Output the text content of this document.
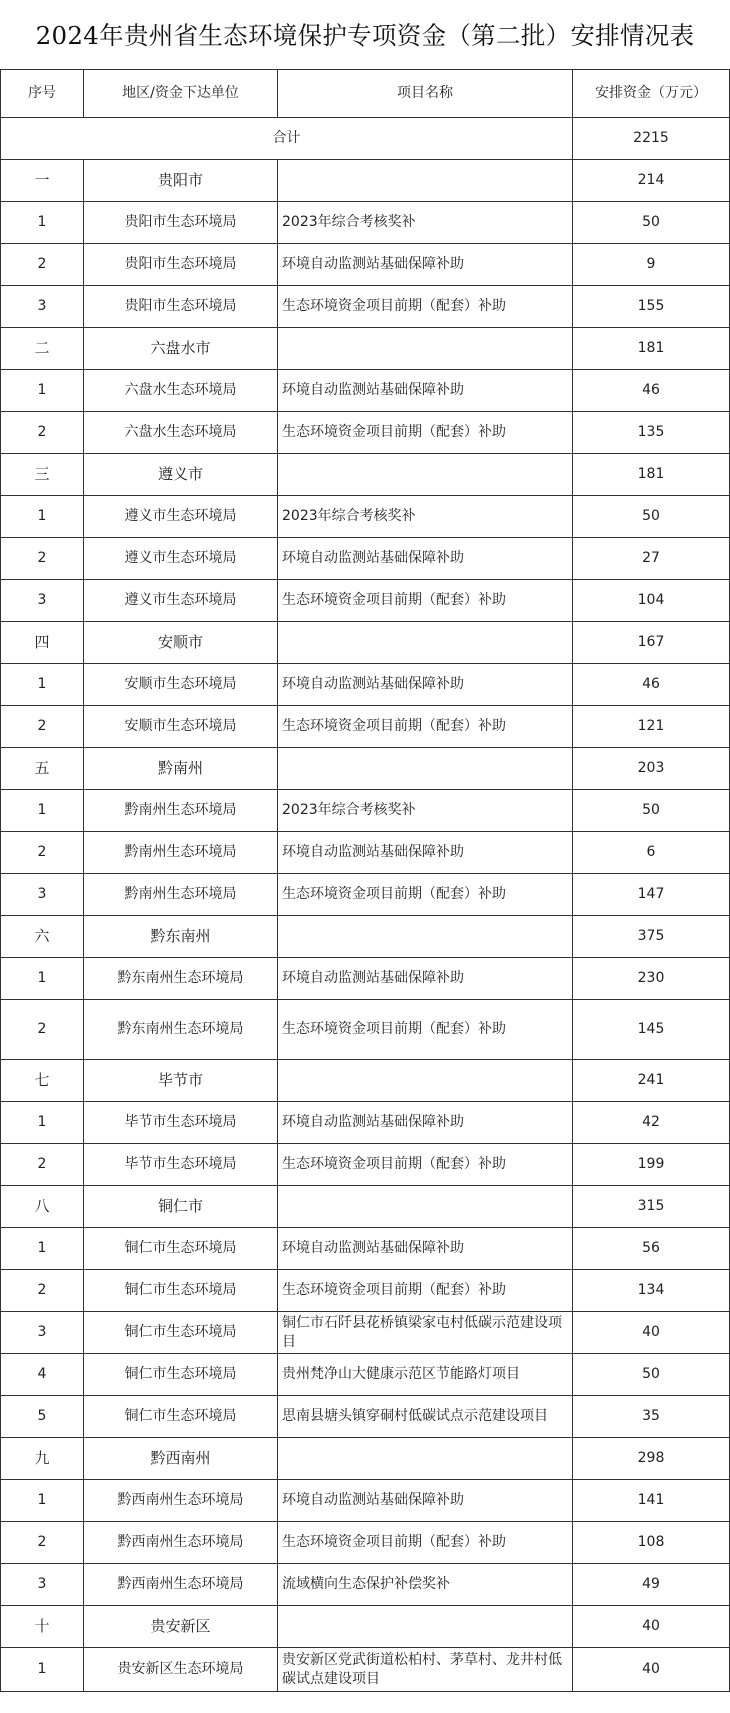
2024年贵州省生态环境保护专项资金（第二批）安排情况表
序号	地区/资金下达单位	项目名称	安排资金（万元）
合计			2215
一	贵阳市		214
1	贵阳市生态环境局	2023年综合考核奖补	50
2	贵阳市生态环境局	环境自动监测站基础保障补助	9
3	贵阳市生态环境局	生态环境资金项目前期（配套）补助	155
二	六盘水市		181
1	六盘水生态环境局	环境自动监测站基础保障补助	46
2	六盘水生态环境局	生态环境资金项目前期（配套）补助	135
三	遵义市		181
1	遵义市生态环境局	2023年综合考核奖补	50
2	遵义市生态环境局	环境自动监测站基础保障补助	27
3	遵义市生态环境局	生态环境资金项目前期（配套）补助	104
四	安顺市		167
1	安顺市生态环境局	环境自动监测站基础保障补助	46
2	安顺市生态环境局	生态环境资金项目前期（配套）补助	121
五	黔南州		203
1	黔南州生态环境局	2023年综合考核奖补	50
2	黔南州生态环境局	环境自动监测站基础保障补助	6
3	黔南州生态环境局	生态环境资金项目前期（配套）补助	147
六	黔东南州		375
1	黔东南州生态环境局	环境自动监测站基础保障补助	230
2	黔东南州生态环境局	生态环境资金项目前期（配套）补助	145
七	毕节市		241
1	毕节市生态环境局	环境自动监测站基础保障补助	42
2	毕节市生态环境局	生态环境资金项目前期（配套）补助	199
八	铜仁市		315
1	铜仁市生态环境局	环境自动监测站基础保障补助	56
2	铜仁市生态环境局	生态环境资金项目前期（配套）补助	134
3	铜仁市生态环境局	铜仁市石阡县花桥镇梁家屯村低碳示范建设项目	40
4	铜仁市生态环境局	贵州梵净山大健康示范区节能路灯项目	50
5	铜仁市生态环境局	思南县塘头镇穿硐村低碳试点示范建设项目	35
九	黔西南州		298
1	黔西南州生态环境局	环境自动监测站基础保障补助	141
2	黔西南州生态环境局	生态环境资金项目前期（配套）补助	108
3	黔西南州生态环境局	流域横向生态保护补偿奖补	49
十	贵安新区		40
1	贵安新区生态环境局	贵安新区党武街道松柏村、茅草村、龙井村低碳试点建设项目	40
